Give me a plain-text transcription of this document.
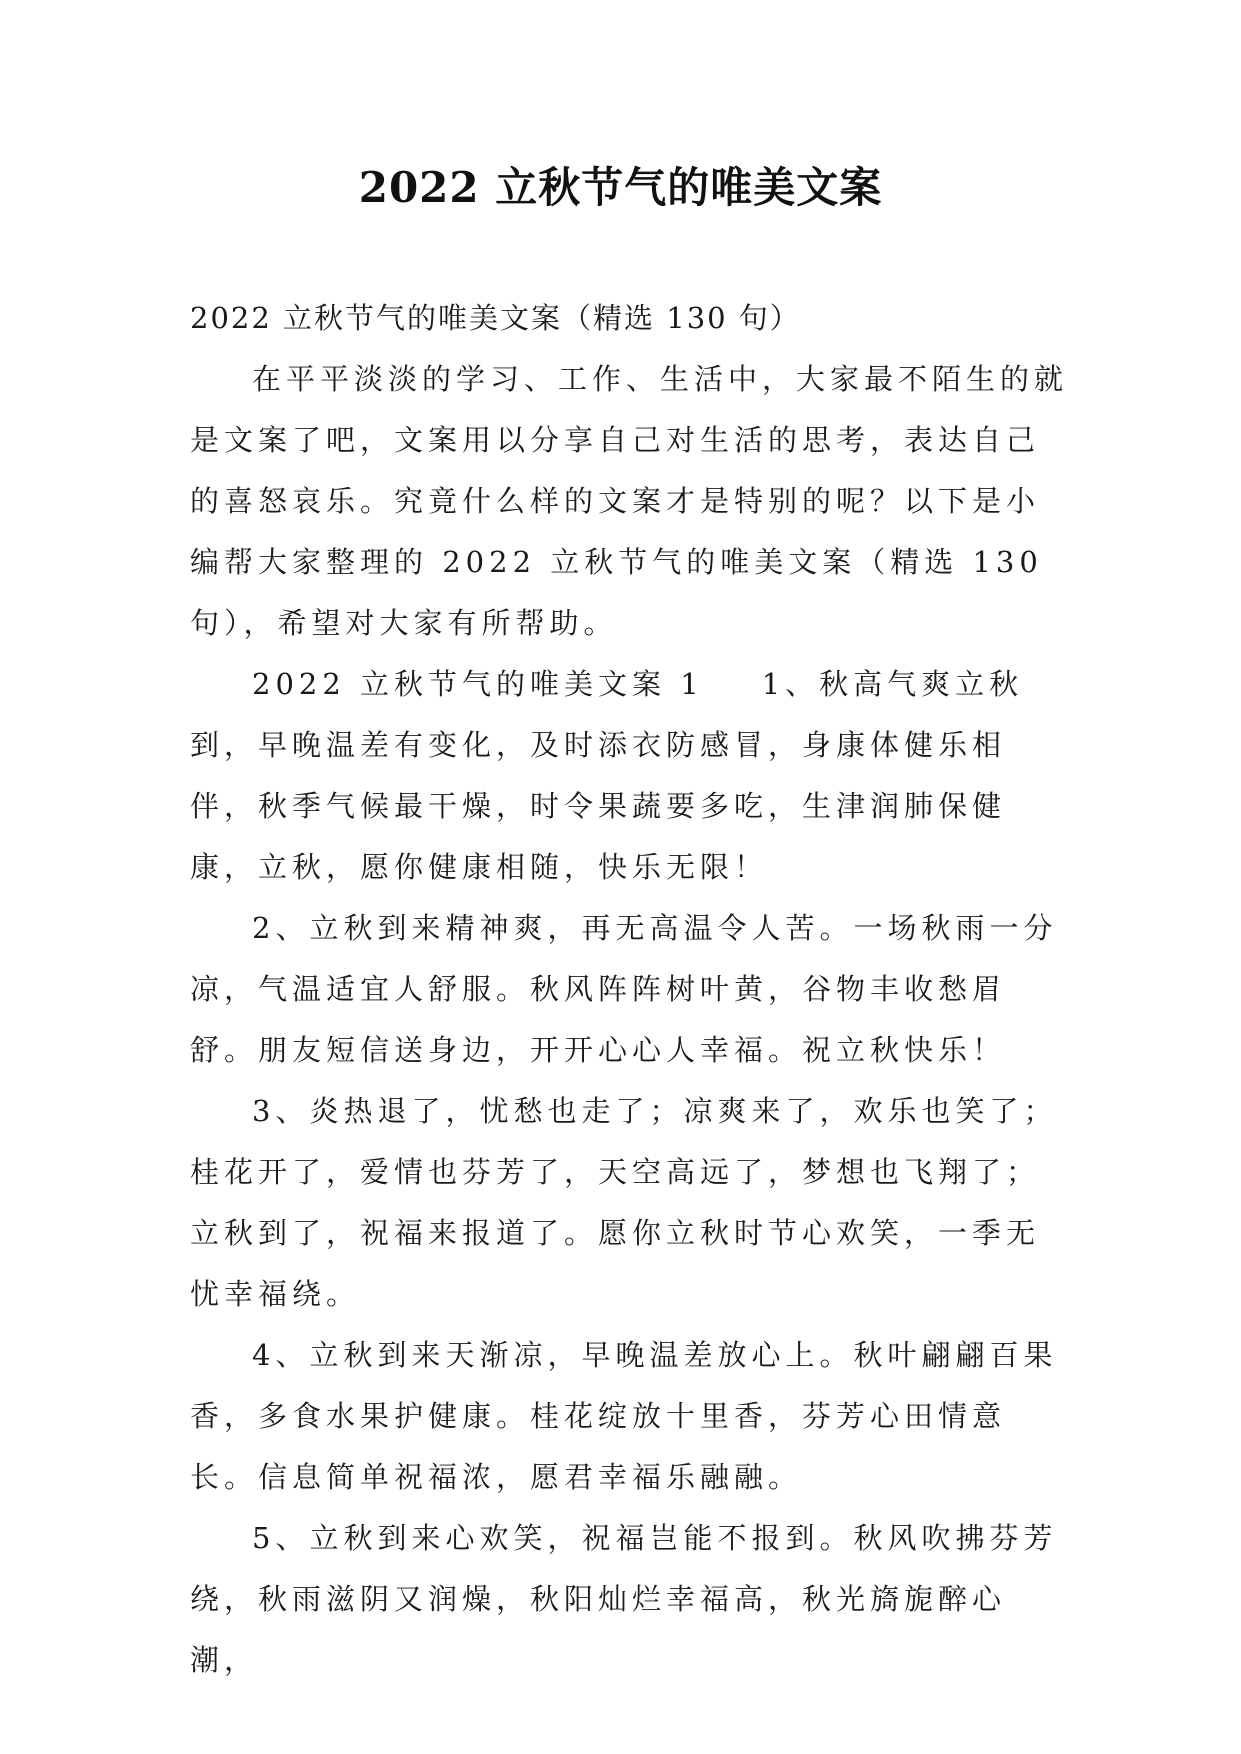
2022 立秋节气的唯美文案

2022 立秋节气的唯美文案（精选 130 句）

在平平淡淡的学习、工作、生活中，大家最不陌生的就是文案了吧，文案用以分享自己对生活的思考，表达自己的喜怒哀乐。究竟什么样的文案才是特别的呢？以下是小编帮大家整理的 2022 立秋节气的唯美文案（精选 130 句），希望对大家有所帮助。

2022 立秋节气的唯美文案 1 1、秋高气爽立秋到，早晚温差有变化，及时添衣防感冒，身康体健乐相伴，秋季气候最干燥，时令果蔬要多吃，生津润肺保健康，立秋，愿你健康相随，快乐无限！

2、立秋到来精神爽，再无高温令人苦。一场秋雨一分凉，气温适宜人舒服。秋风阵阵树叶黄，谷物丰收愁眉舒。朋友短信送身边，开开心心人幸福。祝立秋快乐！

3、炎热退了，忧愁也走了；凉爽来了，欢乐也笑了；桂花开了，爱情也芬芳了，天空高远了，梦想也飞翔了；立秋到了，祝福来报道了。愿你立秋时节心欢笑，一季无忧幸福绕。

4、立秋到来天渐凉，早晚温差放心上。秋叶翩翩百果香，多食水果护健康。桂花绽放十里香，芬芳心田情意长。信息简单祝福浓，愿君幸福乐融融。

5、立秋到来心欢笑，祝福岂能不报到。秋风吹拂芬芳绕，秋雨滋阴又润燥，秋阳灿烂幸福高，秋光旖旎醉心潮，
